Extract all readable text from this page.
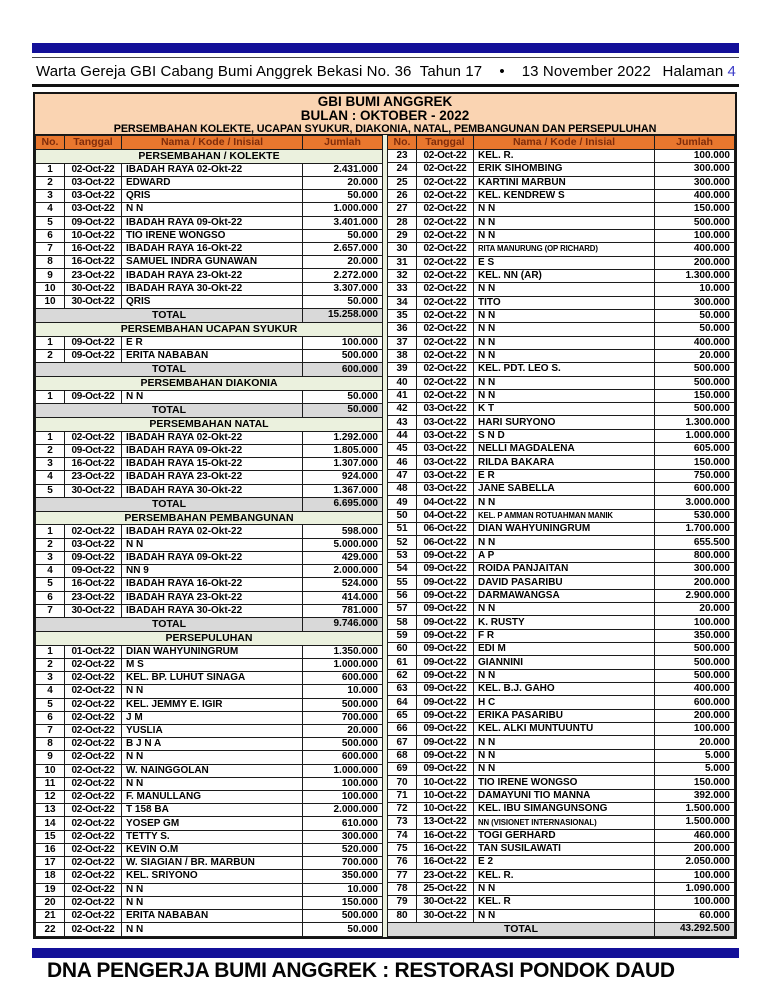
Warta Gereja GBI Cabang Bumi Anggrek Bekasi No. 36  Tahun 17    •    13 November 2022 Halaman 4
GBI BUMI ANGGREK
BULAN : OKTOBER - 2022
PERSEMBAHAN KOLEKTE, UCAPAN SYUKUR, DIAKONIA, NATAL, PEMBANGUNAN DAN PERSEPULUHAN
No.	Tanggal	Nama / Kode / Inisial	Jumlah
PERSEMBAHAN / KOLEKTE			
1	02-Oct-22	IBADAH RAYA 02-Okt-22	2.431.000
2	03-Oct-22	EDWARD	20.000
3	03-Oct-22	QRIS	50.000
4	03-Oct-22	N N	1.000.000
5	09-Oct-22	IBADAH RAYA 09-Okt-22	3.401.000
6	10-Oct-22	TIO IRENE WONGSO	50.000
7	16-Oct-22	IBADAH RAYA 16-Okt-22	2.657.000
8	16-Oct-22	SAMUEL INDRA GUNAWAN	20.000
9	23-Oct-22	IBADAH RAYA 23-Okt-22	2.272.000
10	30-Oct-22	IBADAH RAYA 30-Okt-22	3.307.000
10	30-Oct-22	QRIS	50.000
TOTAL			15.258.000
PERSEMBAHAN UCAPAN SYUKUR			
1	09-Oct-22	E R	100.000
2	09-Oct-22	ERITA NABABAN	500.000
TOTAL			600.000
PERSEMBAHAN DIAKONIA			
1	09-Oct-22	N N	50.000
TOTAL			50.000
PERSEMBAHAN NATAL			
1	02-Oct-22	IBADAH RAYA 02-Okt-22	1.292.000
2	09-Oct-22	IBADAH RAYA 09-Okt-22	1.805.000
3	16-Oct-22	IBADAH RAYA 15-Okt-22	1.307.000
4	23-Oct-22	IBADAH RAYA 23-Okt-22	924.000
5	30-Oct-22	IBADAH RAYA 30-Okt-22	1.367.000
TOTAL			6.695.000
PERSEMBAHAN PEMBANGUNAN			
1	02-Oct-22	IBADAH RAYA 02-Okt-22	598.000
2	03-Oct-22	N N	5.000.000
3	09-Oct-22	IBADAH RAYA 09-Okt-22	429.000
4	09-Oct-22	NN 9	2.000.000
5	16-Oct-22	IBADAH RAYA 16-Okt-22	524.000
6	23-Oct-22	IBADAH RAYA 23-Okt-22	414.000
7	30-Oct-22	IBADAH RAYA 30-Okt-22	781.000
TOTAL			9.746.000
PERSEPULUHAN			
1	01-Oct-22	DIAN WAHYUNINGRUM	1.350.000
2	02-Oct-22	M S	1.000.000
3	02-Oct-22	KEL. BP. LUHUT SINAGA	600.000
4	02-Oct-22	N N	10.000
5	02-Oct-22	KEL. JEMMY E. IGIR	500.000
6	02-Oct-22	J M	700.000
7	02-Oct-22	YUSLIA	20.000
8	02-Oct-22	B J N A	500.000
9	02-Oct-22	N N	600.000
10	02-Oct-22	W. NAINGGOLAN	1.000.000
11	02-Oct-22	N N	100.000
12	02-Oct-22	F. MANULLANG	100.000
13	02-Oct-22	T 158 BA	2.000.000
14	02-Oct-22	YOSEP GM	610.000
15	02-Oct-22	TETTY S.	300.000
16	02-Oct-22	KEVIN O.M	520.000
17	02-Oct-22	W. SIAGIAN / BR. MARBUN	700.000
18	02-Oct-22	KEL. SRIYONO	350.000
19	02-Oct-22	N N	10.000
20	02-Oct-22	N N	150.000
21	02-Oct-22	ERITA NABABAN	500.000
22	02-Oct-22	N N	50.000
No.	Tanggal	Nama / Kode / Inisial	Jumlah
23	02-Oct-22	KEL. R.	100.000
24	02-Oct-22	ERIK SIHOMBING	300.000
25	02-Oct-22	KARTINI MARBUN	300.000
26	02-Oct-22	KEL. KENDREW S	400.000
27	02-Oct-22	N N	150.000
28	02-Oct-22	N N	500.000
29	02-Oct-22	N N	100.000
30	02-Oct-22	RITA MANURUNG (OP RICHARD)	400.000
31	02-Oct-22	E S	200.000
32	02-Oct-22	KEL. NN (AR)	1.300.000
33	02-Oct-22	N N	10.000
34	02-Oct-22	TITO	300.000
35	02-Oct-22	N N	50.000
36	02-Oct-22	N N	50.000
37	02-Oct-22	N N	400.000
38	02-Oct-22	N N	20.000
39	02-Oct-22	KEL. PDT. LEO S.	500.000
40	02-Oct-22	N N	500.000
41	02-Oct-22	N N	150.000
42	03-Oct-22	K T	500.000
43	03-Oct-22	HARI SURYONO	1.300.000
44	03-Oct-22	S N D	1.000.000
45	03-Oct-22	NELLI MAGDALENA	605.000
46	03-Oct-22	RILDA BAKARA	150.000
47	03-Oct-22	E R	750.000
48	03-Oct-22	JANE SABELLA	600.000
49	04-Oct-22	N N	3.000.000
50	04-Oct-22	KEL. P AMMAN ROTUAHMAN MANIK	530.000
51	06-Oct-22	DIAN WAHYUNINGRUM	1.700.000
52	06-Oct-22	N N	655.500
53	09-Oct-22	A P	800.000
54	09-Oct-22	ROIDA PANJAITAN	300.000
55	09-Oct-22	DAVID PASARIBU	200.000
56	09-Oct-22	DARMAWANGSA	2.900.000
57	09-Oct-22	N N	20.000
58	09-Oct-22	K. RUSTY	100.000
59	09-Oct-22	F R	350.000
60	09-Oct-22	EDI M	500.000
61	09-Oct-22	GIANNINI	500.000
62	09-Oct-22	N N	500.000
63	09-Oct-22	KEL. B.J. GAHO	400.000
64	09-Oct-22	H C	600.000
65	09-Oct-22	ERIKA PASARIBU	200.000
66	09-Oct-22	KEL. ALKI MUNTUUNTU	100.000
67	09-Oct-22	N N	20.000
68	09-Oct-22	N N	5.000
69	09-Oct-22	N N	5.000
70	10-Oct-22	TIO IRENE WONGSO	150.000
71	10-Oct-22	DAMAYUNI TIO MANNA	392.000
72	10-Oct-22	KEL. IBU SIMANGUNSONG	1.500.000
73	13-Oct-22	NN (VISIONET INTERNASIONAL)	1.500.000
74	16-Oct-22	TOGI GERHARD	460.000
75	16-Oct-22	TAN SUSILAWATI	200.000
76	16-Oct-22	E 2	2.050.000
77	23-Oct-22	KEL. R.	100.000
78	25-Oct-22	N N	1.090.000
79	30-Oct-22	KEL. R	100.000
80	30-Oct-22	N N	60.000
TOTAL			43.292.500
DNA PENGERJA BUMI ANGGREK : RESTORASI PONDOK DAUD
